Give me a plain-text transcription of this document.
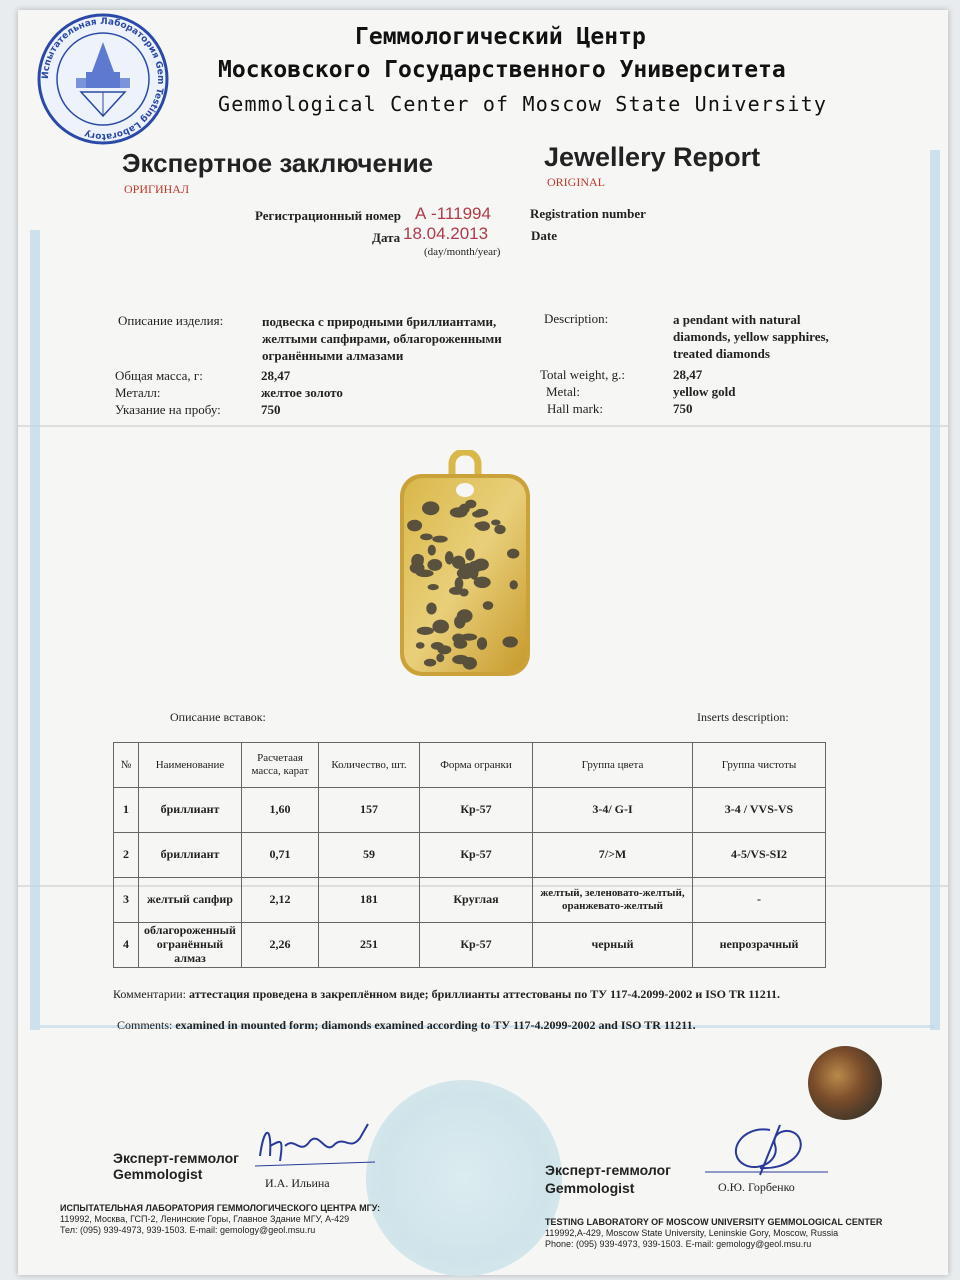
Испытательная Лаборатория Gem Testing Laboratory
Геммологический Центр
Московского Государственного Университета
Gemmological Center of Moscow State University
Экспертное заключение
ОРИГИНАЛ
Jewellery Report
ORIGINAL
Регистрационный номер А -111994	Registration number
Дата 18.04.2013	Date
(day/month/year)
Описание изделия:	подвеска с природными бриллиантами,
желтыми сапфирами, облагороженными
огранёнными алмазами
Общая масса, г:	28,47
Металл:	желтое золото
Указание на пробу:	750
Description:	a pendant with natural
diamonds, yellow sapphires,
treated diamonds
Total weight, g.:	28,47
Metal:	yellow gold
Hall mark:	750
Описание вставок:	Inserts description:
№	Наименование	Расчетаая масса, карат	Количество, шт.	Форма огранки	Группа цвета	Группа чистоты
1	бриллиант	1,60	157	Кр-57	3-4/ G-I	3-4 / VVS-VS
2	бриллиант	0,71	59	Кр-57	7/>M	4-5/VS-SI2
3	желтый сапфир	2,12	181	Круглая	желтый, зеленовато-желтый, оранжевато-желтый	-
4	облагороженный огранённый алмаз	2,26	251	Кр-57	черный	непрозрачный
Комментарии: аттестация проведена в закреплённом виде; бриллианты аттестованы по ТУ 117-4.2099-2002 и ISO TR 11211.
Comments: examined in mounted form; diamonds examined according to ТУ 117-4.2099-2002 and ISO TR 11211.
Эксперт-геммолог
Gemmologist
И.А. Ильина
Эксперт-геммолог
Gemmologist	О.Ю. Горбенко
ИСПЫТАТЕЛЬНАЯ ЛАБОРАТОРИЯ ГЕММОЛОГИЧЕСКОГО ЦЕНТРА МГУ:
119992, Москва, ГСП-2, Ленинские Горы, Главное Здание МГУ, А-429
Тел: (095) 939-4973, 939-1503. E-mail: gemology@geol.msu.ru
TESTING LABORATORY OF MOSCOW UNIVERSITY GEMMOLOGICAL CENTER
119992,A-429, Moscow State University, Leninskie Gory, Moscow, Russia
Phone: (095) 939-4973, 939-1503. E-mail: gemology@geol.msu.ru
